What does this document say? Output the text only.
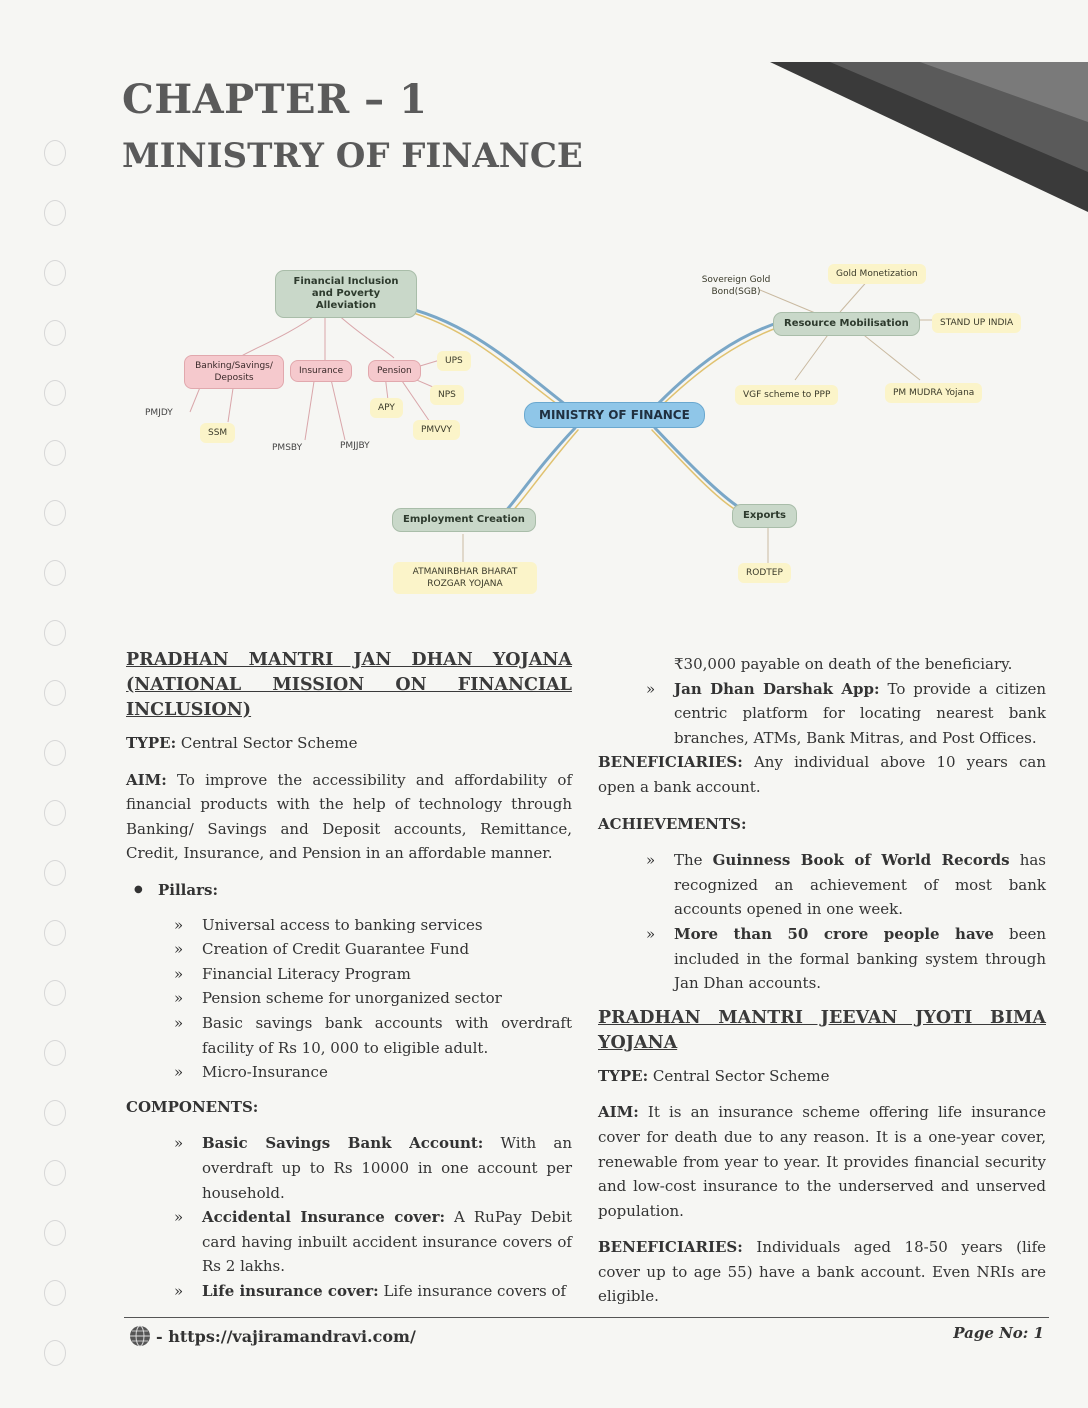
CHAPTER – 1
MINISTRY OF FINANCE
MINISTRY OF FINANCE
Financial Inclusion and Poverty Alleviation
Banking/Savings/ Deposits
Insurance	Pension
PMJDY
SSM
PMSBY	PMJJBY
UPS
NPS
APY
PMVVY
Resource Mobilisation
Sovereign Gold Bond(SGB)
Gold Monetization
STAND UP INDIA
VGF scheme to PPP	PM MUDRA Yojana
Employment Creation
ATMANIRBHAR BHARAT ROZGAR YOJANA
Exports
RODTEP
PRADHAN MANTRI JAN DHAN YOJANA (NATIONAL MISSION ON FINANCIAL INCLUSION)

TYPE: Central Sector Scheme

AIM: To improve the accessibility and affordability of financial products with the help of technology through Banking/ Savings and Deposit accounts, Remittance, Credit, Insurance, and Pension in an affordable manner.

● Pillars:
» Universal access to banking services
» Creation of Credit Guarantee Fund
» Financial Literacy Program
» Pension scheme for unorganized sector
» Basic savings bank accounts with overdraft facility of Rs 10, 000 to eligible adult.
» Micro-Insurance
COMPONENTS:
» Basic Savings Bank Account: With an overdraft up to Rs 10000 in one account per household.
» Accidental Insurance cover: A RuPay Debit card having inbuilt accident insurance covers of Rs 2 lakhs.
» Life insurance cover: Life insurance covers of
₹30,000 payable on death of the beneficiary.
» Jan Dhan Darshak App: To provide a citizen centric platform for locating nearest bank branches, ATMs, Bank Mitras, and Post Offices.

BENEFICIARIES: Any individual above 10 years can open a bank account.

ACHIEVEMENTS:
» The Guinness Book of World Records has recognized an achievement of most bank accounts opened in one week.
» More than 50 crore people have been included in the formal banking system through Jan Dhan accounts.
PRADHAN MANTRI JEEVAN JYOTI BIMA YOJANA

TYPE: Central Sector Scheme

AIM: It is an insurance scheme offering life insurance cover for death due to any reason. It is a one-year cover, renewable from year to year. It provides financial security and low-cost insurance to the underserved and unserved population.

BENEFICIARIES: Individuals aged 18-50 years (life cover up to age 55) have a bank account. Even NRIs are eligible.

- https://vajiramandravi.com/	Page No: 1
